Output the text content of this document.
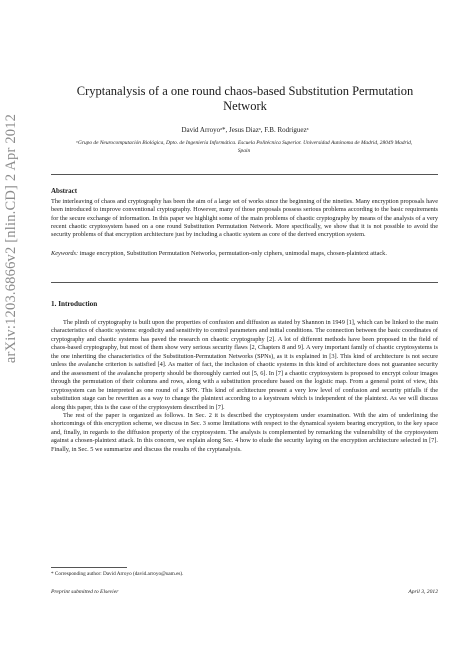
arXiv:1203.6866v2 [nlin.CD] 2 Apr 2012
Cryptanalysis of a one round chaos-based Substitution Permutation Network
David Arroyoᵃ*, Jesus Diazᵃ, F.B. Rodriguezᵃ
ᵃGrupo de Neurocomputación Biológica, Dpto. de Ingeniería Informática. Escuela Politécnica Superior. Universidad Autónoma de Madrid, 28049 Madrid, Spain
Abstract
The interleaving of chaos and cryptography has been the aim of a large set of works since the beginning of the nineties. Many encryption proposals have been introduced to improve conventional cryptography. However, many of those proposals possess serious problems according to the basic requirements for the secure exchange of information. In this paper we highlight some of the main problems of chaotic cryptography by means of the analysis of a very recent chaotic cryptosystem based on a one round Substitution Permutation Network. More specifically, we show that it is not possible to avoid the security problems of that encryption architecture just by including a chaotic system as core of the derived encryption system.
Keywords: image encryption, Substitution Permutation Networks, permutation-only ciphers, unimodal maps, chosen-plaintext attack.
1. Introduction

The plinth of cryptography is built upon the properties of confusion and diffusion as stated by Shannon in 1949 [1], which can be linked to the main characteristics of chaotic systems: ergodicity and sensitivity to control parameters and initial conditions. The connection between the basic coordinates of cryptography and chaotic systems has paved the research on chaotic cryptography [2]. A lot of different methods have been proposed in the field of chaos-based cryptography, but most of them show very serious security flaws [2, Chapters 8 and 9]. A very important family of chaotic cryptosystems is the one inheriting the characteristics of the Substitution-Permutation Networks (SPNs), as it is explained in [3]. This kind of architecture is not secure unless the avalanche criterion is satisfied [4]. As matter of fact, the inclusion of chaotic systems in this kind of architecture does not guarantee security and the assessment of the avalanche property should be thoroughly carried out [5, 6]. In [7] a chaotic cryptosystem is proposed to encrypt colour images through the permutation of their columns and rows, along with a substitution procedure based on the logistic map. From a general point of view, this cryptosystem can be interpreted as one round of a SPN. This kind of architecture present a very low level of confusion and security pitfalls if the substitution stage can be rewritten as a way to change the plaintext according to a keystream which is independent of the plaintext. As we will discuss along this paper, this is the case of the cryptosystem described in [7].

The rest of the paper is organized as follows. In Sec. 2 it is described the cryptosystem under examination. With the aim of underlining the shortcomings of this encryption scheme, we discuss in Sec. 3 some limitations with respect to the dynamical system bearing encryption, to the key space and, finally, in regards to the diffusion property of the cryptosystem. The analysis is complemented by remarking the vulnerability of the cryptosystem against a chosen-plaintext attack. In this concern, we explain along Sec. 4 how to elude the security laying on the encryption architecture selected in [7]. Finally, in Sec. 5 we summarize and discuss the results of the cryptanalysis.

* Corresponding author: David Arroyo (david.arroyo@uam.es).
Preprint submitted to Elsevier	April 3, 2012
